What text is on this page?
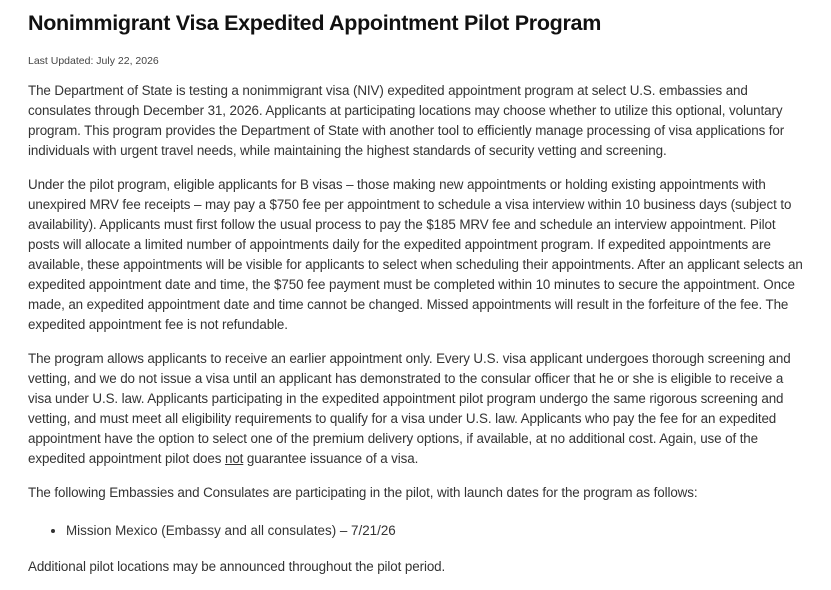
Nonimmigrant Visa Expedited Appointment Pilot Program
Last Updated: July 22, 2026

The Department of State is testing a nonimmigrant visa (NIV) expedited appointment program at select U.S. embassies and consulates through December 31, 2026. Applicants at participating locations may choose whether to utilize this optional, voluntary program. This program provides the Department of State with another tool to efficiently manage processing of visa applications for individuals with urgent travel needs, while maintaining the highest standards of security vetting and screening.

Under the pilot program, eligible applicants for B visas – those making new appointments or holding existing appointments with unexpired MRV fee receipts – may pay a $750 fee per appointment to schedule a visa interview within 10 business days (subject to availability). Applicants must first follow the usual process to pay the $185 MRV fee and schedule an interview appointment. Pilot posts will allocate a limited number of appointments daily for the expedited appointment program. If expedited appointments are available, these appointments will be visible for applicants to select when scheduling their appointments. After an applicant selects an expedited appointment date and time, the $750 fee payment must be completed within 10 minutes to secure the appointment. Once made, an expedited appointment date and time cannot be changed. Missed appointments will result in the forfeiture of the fee. The expedited appointment fee is not refundable.

The program allows applicants to receive an earlier appointment only. Every U.S. visa applicant undergoes thorough screening and vetting, and we do not issue a visa until an applicant has demonstrated to the consular officer that he or she is eligible to receive a visa under U.S. law. Applicants participating in the expedited appointment pilot program undergo the same rigorous screening and vetting, and must meet all eligibility requirements to qualify for a visa under U.S. law. Applicants who pay the fee for an expedited appointment have the option to select one of the premium delivery options, if available, at no additional cost. Again, use of the expedited appointment pilot does not guarantee issuance of a visa.

The following Embassies and Consulates are participating in the pilot, with launch dates for the program as follows:

• Mission Mexico (Embassy and all consulates) – 7/21/26

Additional pilot locations may be announced throughout the pilot period.
